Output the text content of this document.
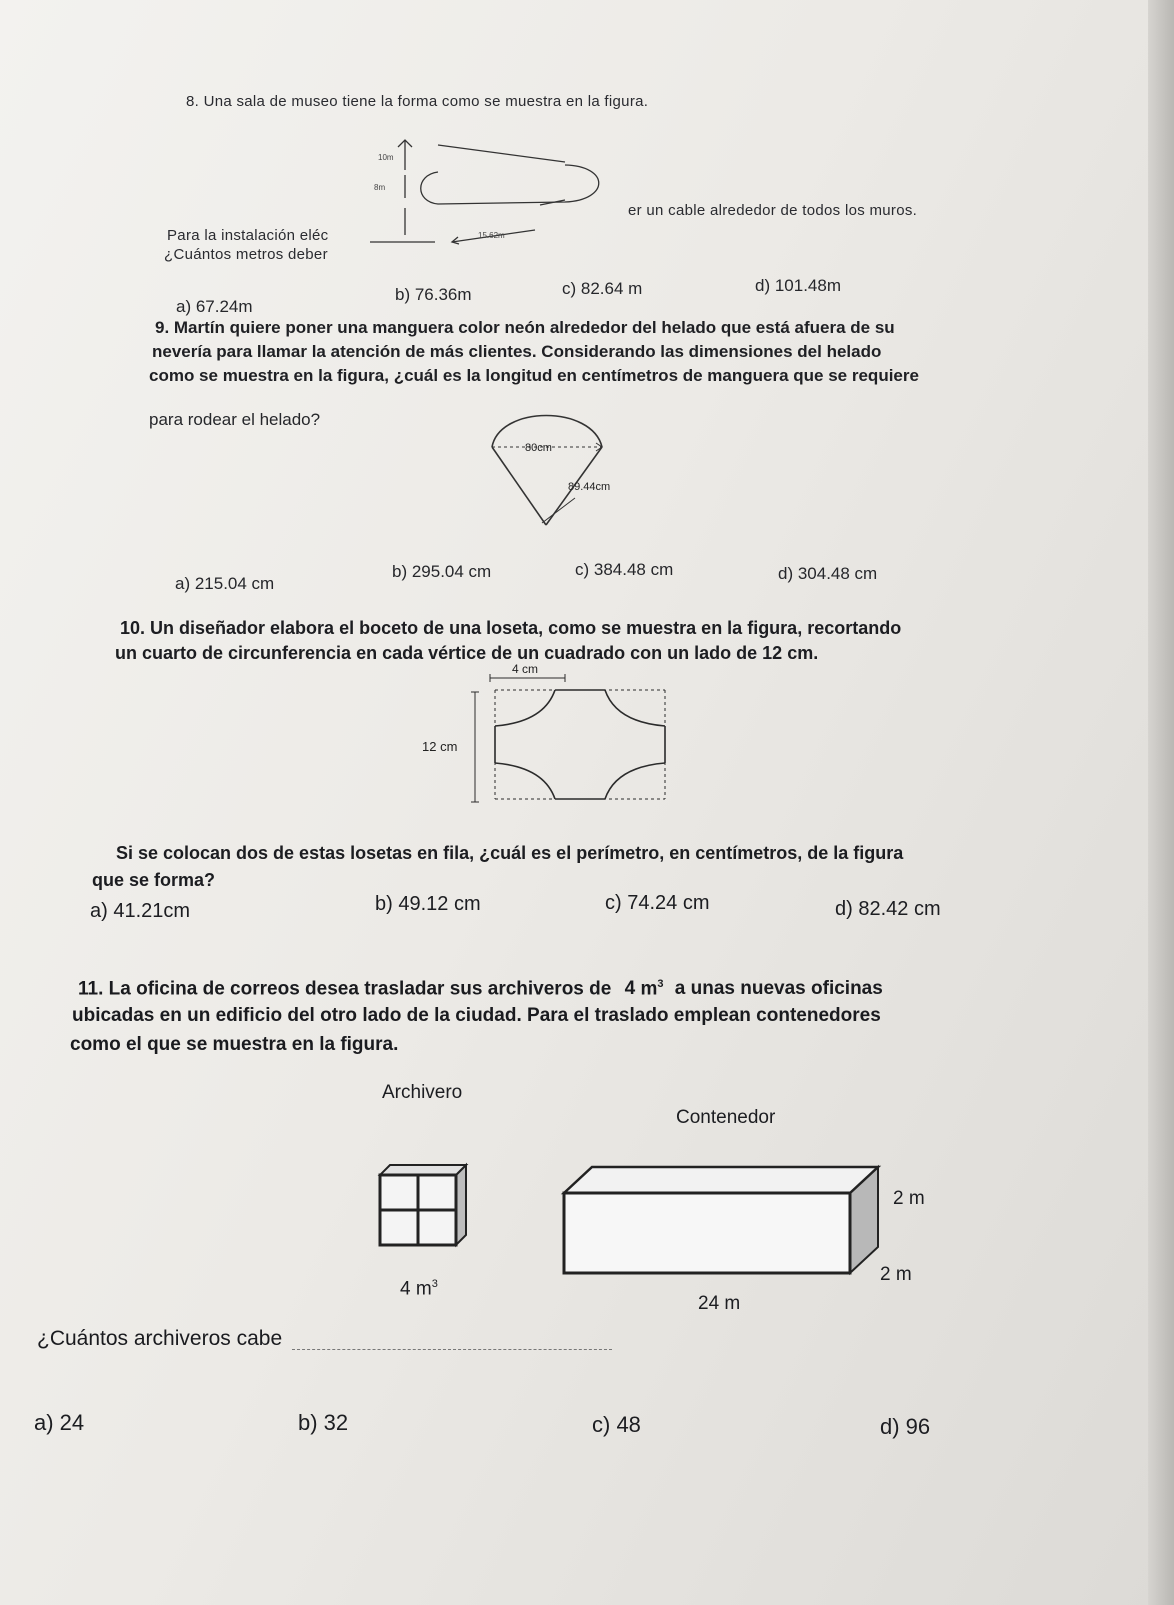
8. Una sala de museo tiene la forma como se muestra en la figura.
10m
8m
15.62m
Para la instalación eléc
er un cable alrededor de todos los muros.
¿Cuántos metros deber
a) 67.24m
b) 76.36m	c) 82.64 m	d) 101.48m
9. Martín quiere poner una manguera color neón alrededor del helado que está afuera de su
nevería para llamar la atención de más clientes. Considerando las dimensiones del helado
como se muestra en la figura, ¿cuál es la longitud en centímetros de manguera que se requiere
para rodear el helado?
80cm
89.44cm
a) 215.04 cm
b) 295.04 cm	c) 384.48 cm	d) 304.48 cm
10. Un diseñador elabora el boceto de una loseta, como se muestra en la figura, recortando
un cuarto de circunferencia en cada vértice de un cuadrado con un lado de 12 cm.
4 cm
12 cm
Si se colocan dos de estas losetas en fila, ¿cuál es el perímetro, en centímetros, de la figura
que se forma?
a) 41.21cm	b) 49.12 cm	c) 74.24 cm	d) 82.42 cm
11. La oficina de correos desea trasladar sus archiveros de 4 $m^3$ a unas nuevas oficinas
ubicadas en un edificio del otro lado de la ciudad. Para el traslado emplean contenedores
como el que se muestra en la figura.
Archivero
Contenedor
4 $m^3$
2 m
2 m
24 m
¿Cuántos archiveros cabe
a) 24	b) 32	c) 48	d) 96
